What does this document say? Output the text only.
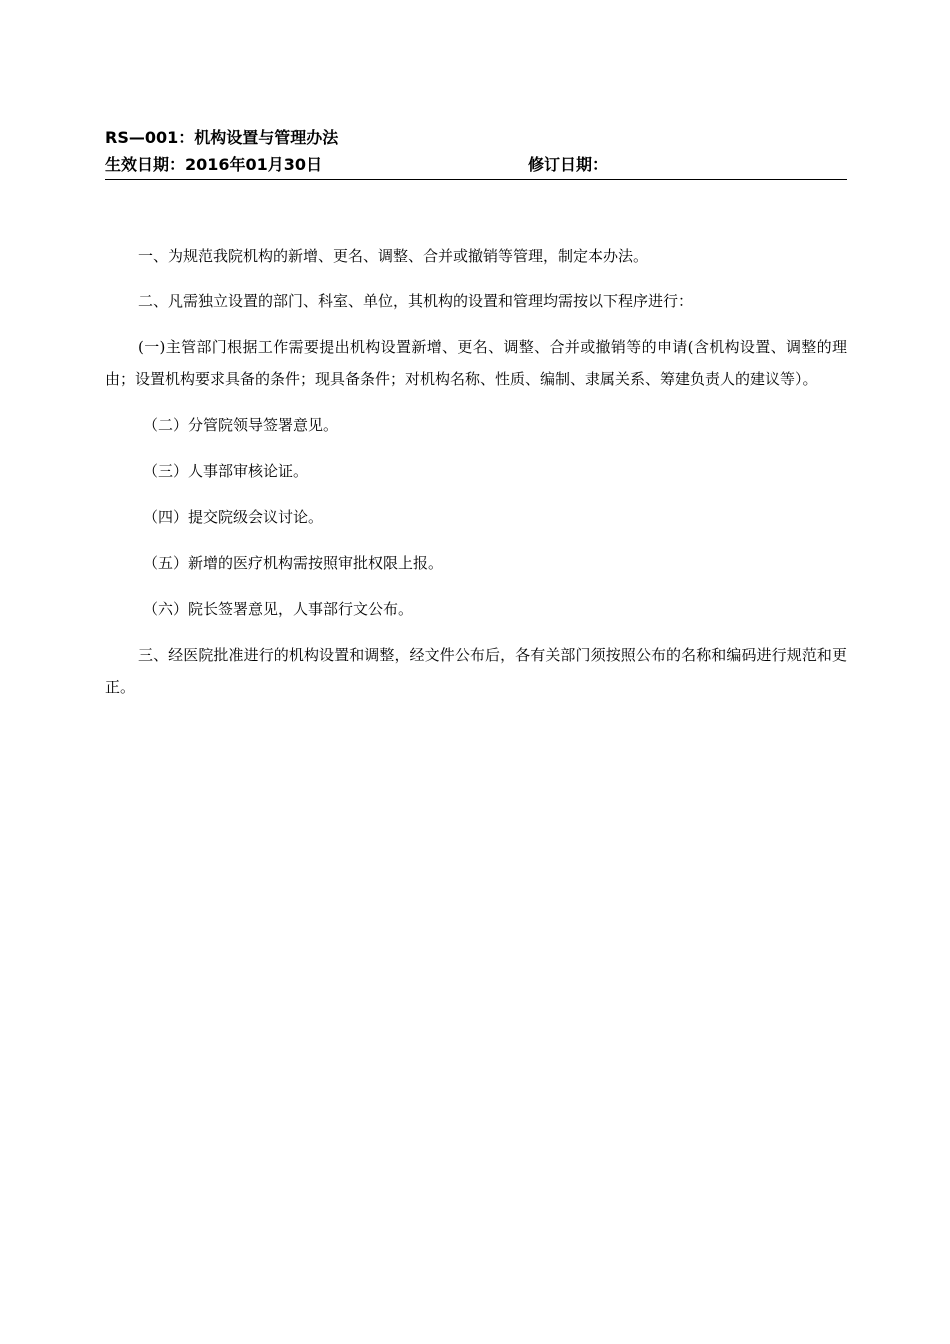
RS—001：机构设置与管理办法
生效日期：2016年01月30日	修订日期：

一、为规范我院机构的新增、更名、调整、合并或撤销等管理，制定本办法。

二、凡需独立设置的部门、科室、单位，其机构的设置和管理均需按以下程序进行：

(一)主管部门根据工作需要提出机构设置新增、更名、调整、合并或撤销等的申请(含机构设置、调整的理由；设置机构要求具备的条件；现具备条件；对机构名称、性质、编制、隶属关系、筹建负责人的建议等）。

（二）分管院领导签署意见。

（三）人事部审核论证。

（四）提交院级会议讨论。

（五）新增的医疗机构需按照审批权限上报。

（六）院长签署意见，人事部行文公布。

三、经医院批准进行的机构设置和调整，经文件公布后，各有关部门须按照公布的名称和编码进行规范和更正。
